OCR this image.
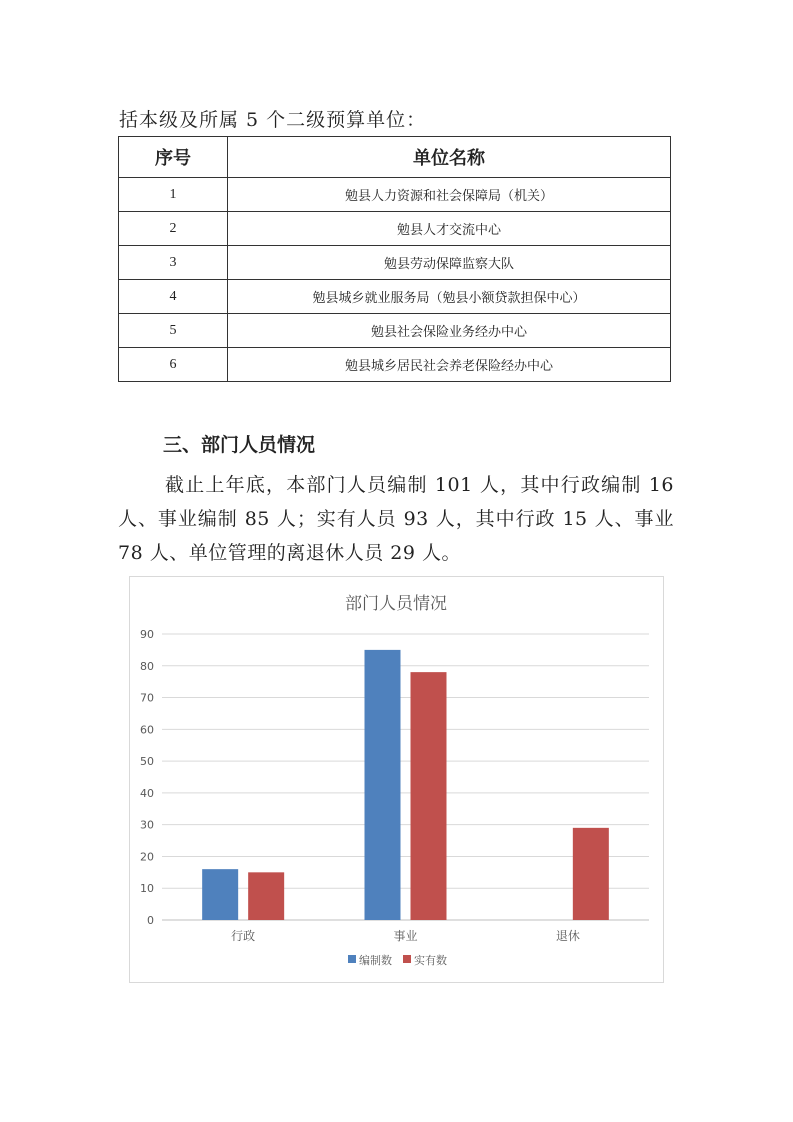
括本级及所属 5 个二级预算单位：
序号	单位名称
1	勉县人力资源和社会保障局（机关）
2	勉县人才交流中心
3	勉县劳动保障监察大队
4	勉县城乡就业服务局（勉县小额贷款担保中心）
5	勉县社会保险业务经办中心
6	勉县城乡居民社会养老保险经办中心
三、部门人员情况

截止上年底，本部门人员编制 101 人，其中行政编制 16 人、事业编制 85 人；实有人员 93 人，其中行政 15 人、事业 78 人、单位管理的离退休人员 29 人。

部门人员情况
0
10
20
30
40
50
60
70
80
90
行政	事业	退休
编制数 实有数
